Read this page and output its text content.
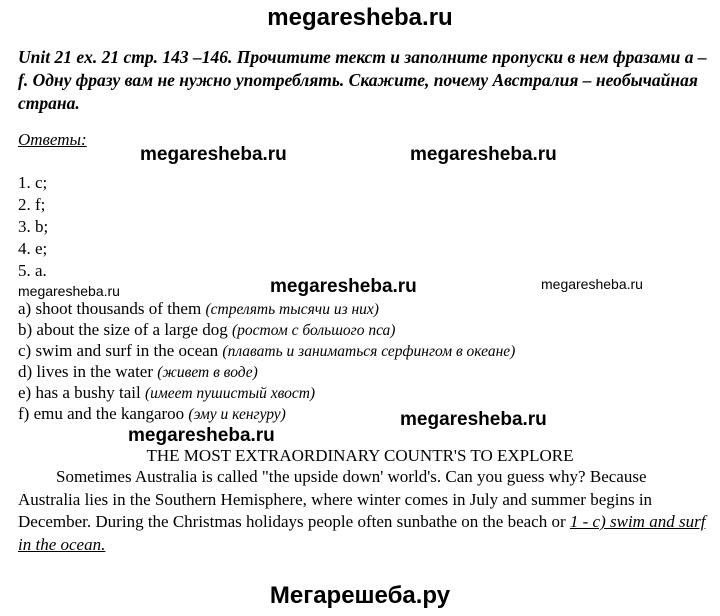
megaresheba.ru
Unit 21 ex. 21 стр. 143 –146. Прочитите текст и заполните пропуски в нем фразами a –f. Одну фразу вам не нужно употреблять. Скажите, почему Австралия – необычайная страна.
Ответы:
megaresheba.ru	megaresheba.ru
1. c;
2. f;
3. b;
4. e;
5. a.
megaresheba.ru	megaresheba.ru	megaresheba.ru
a) shoot thousands of them (стрелять тысячи из них)
b) about the size of a large dog (ростом с большого пса)
c) swim and surf in the ocean (плавать и заниматься серфингом в океане)
d) lives in the water (живет в воде)
e) has a bushy tail (имеет пушистый хвост)
f) emu and the kangaroo (эму и кенгуру)	megaresheba.ru
megaresheba.ru
THE MOST EXTRAORDINARY COUNTR'S TO EXPLORE
Sometimes Australia is called "the upside down' world's. Can you guess why? Because Australia lies in the Southern Hemisphere, where winter comes in July and summer begins in December. During the Christmas holidays people often sunbathe on the beach or 1 - c) swim and surf in the ocean.
Мегарешеба.ру
